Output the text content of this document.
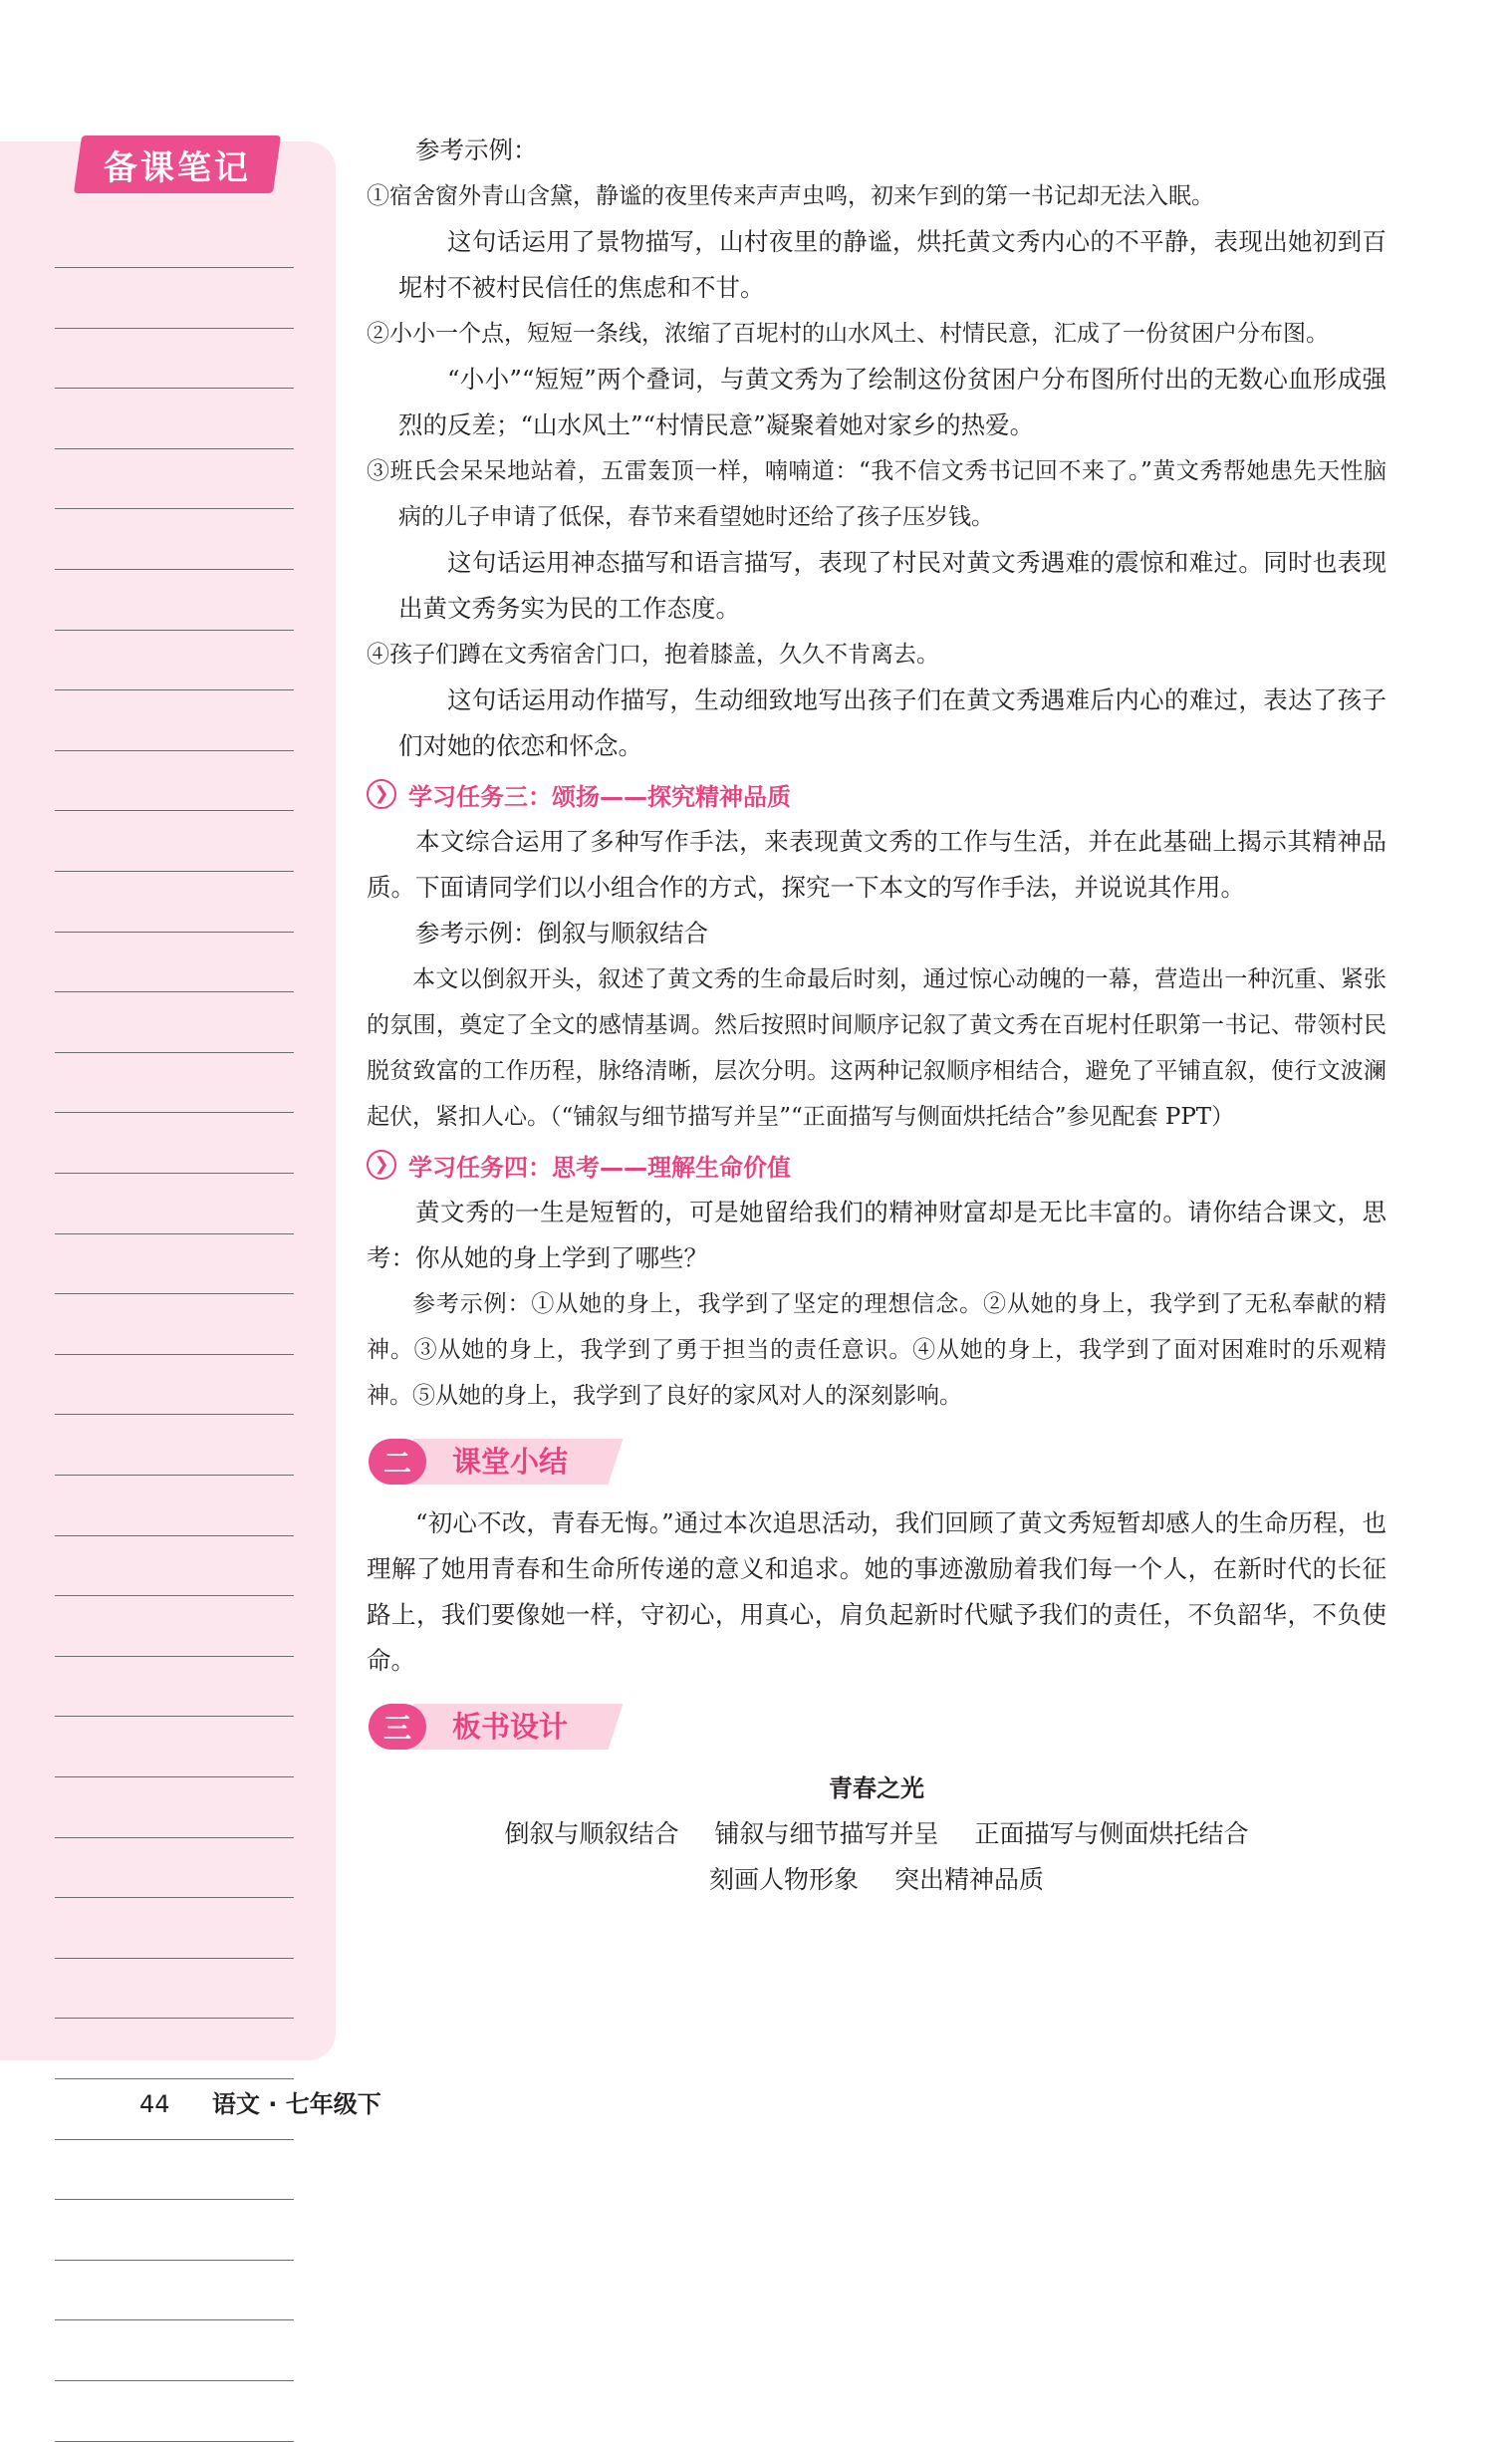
备课笔记	参考示例：

①宿舍窗外青山含黛，静谧的夜里传来声声虫鸣，初来乍到的第一书记却无法入眠。

这句话运用了景物描写，山村夜里的静谧，烘托黄文秀内心的不平静，表现出她初到百坭村不被村民信任的焦虑和不甘。

②小小一个点，短短一条线，浓缩了百坭村的山水风土、村情民意，汇成了一份贫困户分布图。

“小小”“短短”两个叠词，与黄文秀为了绘制这份贫困户分布图所付出的无数心血形成强烈的反差；“山水风土”“村情民意”凝聚着她对家乡的热爱。

③班氏会呆呆地站着，五雷轰顶一样，喃喃道：“我不信文秀书记回不来了。”黄文秀帮她患先天性脑病的儿子申请了低保，春节来看望她时还给了孩子压岁钱。

这句话运用神态描写和语言描写，表现了村民对黄文秀遇难的震惊和难过。同时也表现出黄文秀务实为民的工作态度。

④孩子们蹲在文秀宿舍门口，抱着膝盖，久久不肯离去。

这句话运用动作描写，生动细致地写出孩子们在黄文秀遇难后内心的难过，表达了孩子们对她的依恋和怀念。

❯ 学习任务三：颂扬——探究精神品质

本文综合运用了多种写作手法，来表现黄文秀的工作与生活，并在此基础上揭示其精神品质。下面请同学们以小组合作的方式，探究一下本文的写作手法，并说说其作用。

参考示例：倒叙与顺叙结合

本文以倒叙开头，叙述了黄文秀的生命最后时刻，通过惊心动魄的一幕，营造出一种沉重、紧张的氛围，奠定了全文的感情基调。然后按照时间顺序记叙了黄文秀在百坭村任职第一书记、带领村民脱贫致富的工作历程，脉络清晰，层次分明。这两种记叙顺序相结合，避免了平铺直叙，使行文波澜起伏，紧扣人心。（“铺叙与细节描写并呈”“正面描写与侧面烘托结合”参见配套 PPT）

❯ 学习任务四：思考——理解生命价值

黄文秀的一生是短暂的，可是她留给我们的精神财富却是无比丰富的。请你结合课文，思考：你从她的身上学到了哪些？

参考示例：①从她的身上，我学到了坚定的理想信念。②从她的身上，我学到了无私奉献的精神。③从她的身上，我学到了勇于担当的责任意识。④从她的身上，我学到了面对困难时的乐观精神。⑤从她的身上，我学到了良好的家风对人的深刻影响。

二	课堂小结

“初心不改，青春无悔。”通过本次追思活动，我们回顾了黄文秀短暂却感人的生命历程，也理解了她用青春和生命所传递的意义和追求。她的事迹激励着我们每一个人，在新时代的长征路上，我们要像她一样，守初心，用真心，肩负起新时代赋予我们的责任，不负韶华，不负使命。

三	板书设计
青春之光
倒叙与顺叙结合 铺叙与细节描写并呈 正面描写与侧面烘托结合
刻画人物形象 突出精神品质
44 语文 · 七年级下
